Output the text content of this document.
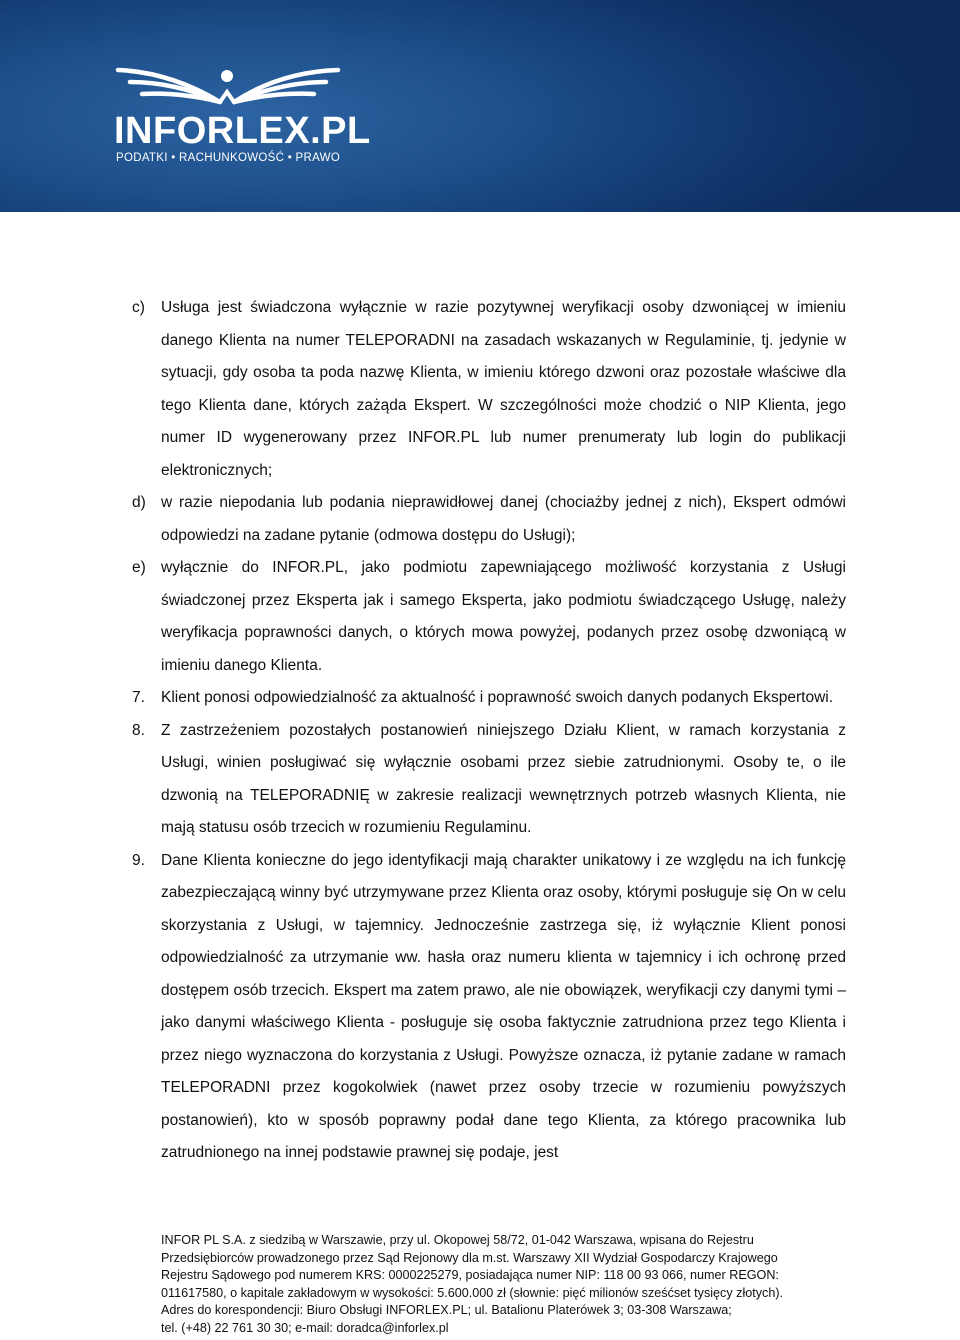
INFORLEX.PL
PODATKI • RACHUNKOWOŚĆ • PRAWO
c)	Usługa jest świadczona wyłącznie w razie pozytywnej weryfikacji osoby dzwoniącej w imieniu danego Klienta na numer TELEPORADNI na zasadach wskazanych w Regulaminie, tj. jedynie w sytuacji, gdy osoba ta poda nazwę Klienta, w imieniu którego dzwoni oraz pozostałe właściwe dla tego Klienta dane, których zażąda Ekspert. W szczególności może chodzić o NIP Klienta, jego numer ID wygenerowany przez INFOR.PL lub numer prenumeraty lub login do publikacji elektronicznych;

d) w razie niepodania lub podania nieprawidłowej danej (chociażby jednej z nich), Ekspert odmówi odpowiedzi na zadane pytanie (odmowa dostępu do Usługi);

e) wyłącznie do INFOR.PL, jako podmiotu zapewniającego możliwość korzystania z Usługi świadczonej przez Eksperta jak i samego Eksperta, jako podmiotu świadczącego Usługę, należy weryfikacja poprawności danych, o których mowa powyżej, podanych przez osobę dzwoniącą w imieniu danego Klienta.

7.	Klient ponosi odpowiedzialność za aktualność i poprawność swoich danych podanych Ekspertowi.

8.	Z zastrzeżeniem pozostałych postanowień niniejszego Działu Klient, w ramach korzystania z Usługi, winien posługiwać się wyłącznie osobami przez siebie zatrudnionymi. Osoby te, o ile dzwonią na TELEPORADNIĘ w zakresie realizacji wewnętrznych potrzeb własnych Klienta, nie mają statusu osób trzecich w rozumieniu Regulaminu.

9.	Dane Klienta konieczne do jego identyfikacji mają charakter unikatowy i ze względu na ich funkcję zabezpieczającą winny być utrzymywane przez Klienta oraz osoby, którymi posługuje się On w celu skorzystania z Usługi, w tajemnicy. Jednocześnie zastrzega się, iż wyłącznie Klient ponosi odpowiedzialność za utrzymanie ww. hasła oraz numeru klienta w tajemnicy i ich ochronę przed dostępem osób trzecich. Ekspert ma zatem prawo, ale nie obowiązek, weryfikacji czy danymi tymi – jako danymi właściwego Klienta - posługuje się osoba faktycznie zatrudniona przez tego Klienta i przez niego wyznaczona do korzystania z Usługi. Powyższe oznacza, iż pytanie zadane w ramach TELEPORADNI przez kogokolwiek (nawet przez osoby trzecie w rozumieniu powyższych postanowień), kto w sposób poprawny podał dane tego Klienta, za którego pracownika lub zatrudnionego na innej podstawie prawnej się podaje, jest

INFOR PL S.A. z siedzibą w Warszawie, przy ul. Okopowej 58/72, 01-042 Warszawa, wpisana do Rejestru

Przedsiębiorców prowadzonego przez Sąd Rejonowy dla m.st. Warszawy XII Wydział Gospodarczy Krajowego

Rejestru Sądowego pod numerem KRS: 0000225279, posiadająca numer NIP: 118 00 93 066, numer REGON:

011617580, o kapitale zakładowym w wysokości: 5.600.000 zł (słownie: pięć milionów sześćset tysięcy złotych).

Adres do korespondencji: Biuro Obsługi INFORLEX.PL; ul. Batalionu Platerówek 3; 03-308 Warszawa;

tel. (+48) 22 761 30 30; e-mail: doradca@inforlex.pl
